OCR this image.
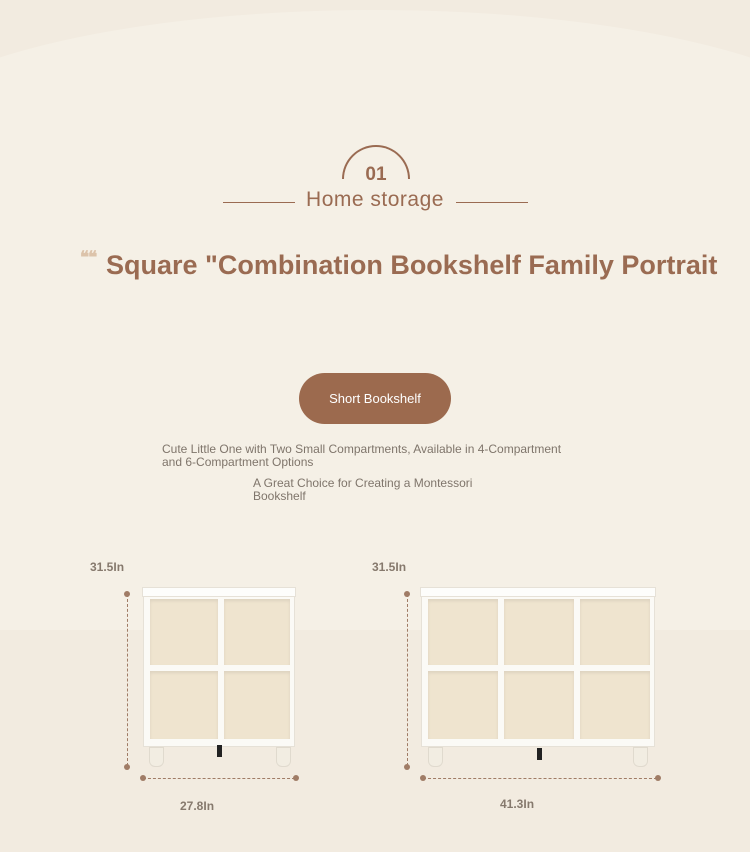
01
Home storage
❝❝ Square "Combination Bookshelf Family Portrait
Short Bookshelf
Cute Little One with Two Small Compartments, Available in 4-Compartment and 6-Compartment Options
A Great Choice for Creating a Montessori Bookshelf
31.5In
27.8In
31.5In
41.3In
